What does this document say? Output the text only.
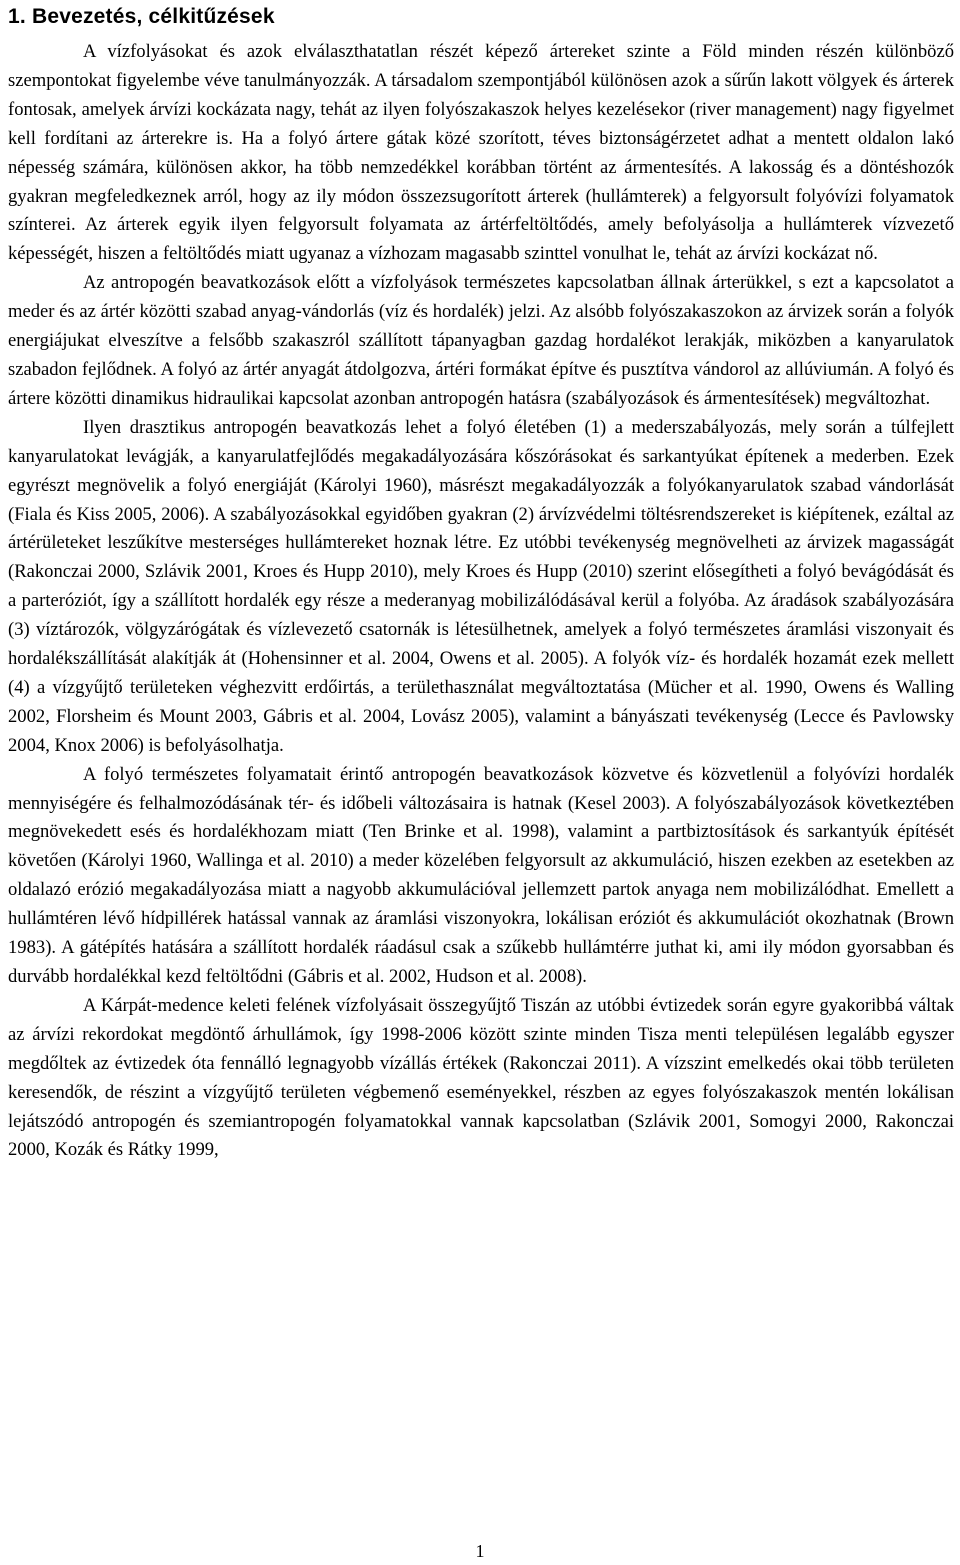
1. Bevezetés, célkitűzések

A vízfolyásokat és azok elválaszthatatlan részét képező ártereket szinte a Föld minden részén különböző szempontokat figyelembe véve tanulmányozzák. A társadalom szempontjából különösen azok a sűrűn lakott völgyek és árterek fontosak, amelyek árvízi kockázata nagy, tehát az ilyen folyószakaszok helyes kezelésekor (river management) nagy figyelmet kell fordítani az árterekre is. Ha a folyó ártere gátak közé szorított, téves biztonságérzetet adhat a mentett oldalon lakó népesség számára, különösen akkor, ha több nemzedékkel korábban történt az ármentesítés. A lakosság és a döntéshozók gyakran megfeledkeznek arról, hogy az ily módon összezsugorított árterek (hullámterek) a felgyorsult folyóvízi folyamatok színterei. Az árterek egyik ilyen felgyorsult folyamata az ártérfeltöltődés, amely befolyásolja a hullámterek vízvezető képességét, hiszen a feltöltődés miatt ugyanaz a vízhozam magasabb szinttel vonulhat le, tehát az árvízi kockázat nő.

Az antropogén beavatkozások előtt a vízfolyások természetes kapcsolatban állnak árterükkel, s ezt a kapcsolatot a meder és az ártér közötti szabad anyag-vándorlás (víz és hordalék) jelzi. Az alsóbb folyószakaszokon az árvizek során a folyók energiájukat elveszítve a felsőbb szakaszról szállított tápanyagban gazdag hordalékot lerakják, miközben a kanyarulatok szabadon fejlődnek. A folyó az ártér anyagát átdolgozva, ártéri formákat építve és pusztítva vándorol az allúviumán. A folyó és ártere közötti dinamikus hidraulikai kapcsolat azonban antropogén hatásra (szabályozások és ármentesítések) megváltozhat.

Ilyen drasztikus antropogén beavatkozás lehet a folyó életében (1) a mederszabályozás, mely során a túlfejlett kanyarulatokat levágják, a kanyarulatfejlődés megakadályozására kőszórásokat és sarkantyúkat építenek a mederben. Ezek egyrészt megnövelik a folyó energiáját (Károlyi 1960), másrészt megakadályozzák a folyókanyarulatok szabad vándorlását (Fiala és Kiss 2005, 2006). A szabályozásokkal egyidőben gyakran (2) árvízvédelmi töltésrendszereket is kiépítenek, ezáltal az ártérületeket leszűkítve mesterséges hullámtereket hoznak létre. Ez utóbbi tevékenység megnövelheti az árvizek magasságát (Rakonczai 2000, Szlávik 2001, Kroes és Hupp 2010), mely Kroes és Hupp (2010) szerint elősegítheti a folyó bevágódását és a parteróziót, így a szállított hordalék egy része a mederanyag mobilizálódásával kerül a folyóba. Az áradások szabályozására (3) víztározók, völgyzárógátak és vízlevezető csatornák is létesülhetnek, amelyek a folyó természetes áramlási viszonyait és hordalékszállítását alakítják át (Hohensinner et al. 2004, Owens et al. 2005). A folyók víz- és hordalék hozamát ezek mellett (4) a vízgyűjtő területeken véghezvitt erdőirtás, a területhasználat megváltoztatása (Mücher et al. 1990, Owens és Walling 2002, Florsheim és Mount 2003, Gábris et al. 2004, Lovász 2005), valamint a bányászati tevékenység (Lecce és Pavlowsky 2004, Knox 2006) is befolyásolhatja.

A folyó természetes folyamatait érintő antropogén beavatkozások közvetve és közvetlenül a folyóvízi hordalék mennyiségére és felhalmozódásának tér- és időbeli változásaira is hatnak (Kesel 2003). A folyószabályozások következtében megnövekedett esés és hordalékhozam miatt (Ten Brinke et al. 1998), valamint a partbiztosítások és sarkantyúk építését követően (Károlyi 1960, Wallinga et al. 2010) a meder közelében felgyorsult az akkumuláció, hiszen ezekben az esetekben az oldalazó erózió megakadályozása miatt a nagyobb akkumulációval jellemzett partok anyaga nem mobilizálódhat. Emellett a hullámtéren lévő hídpillérek hatással vannak az áramlási viszonyokra, lokálisan eróziót és akkumulációt okozhatnak (Brown 1983). A gátépítés hatására a szállított hordalék ráadásul csak a szűkebb hullámtérre juthat ki, ami ily módon gyorsabban és durvább hordalékkal kezd feltöltődni (Gábris et al. 2002, Hudson et al. 2008).

A Kárpát-medence keleti felének vízfolyásait összegyűjtő Tiszán az utóbbi évtizedek során egyre gyakoribbá váltak az árvízi rekordokat megdöntő árhullámok, így 1998-2006 között szinte minden Tisza menti településen legalább egyszer megdőltek az évtizedek óta fennálló legnagyobb vízállás értékek (Rakonczai 2011). A vízszint emelkedés okai több területen keresendők, de részint a vízgyűjtő területen végbemenő eseményekkel, részben az egyes folyószakaszok mentén lokálisan lejátszódó antropogén és szemiantropogén folyamatokkal vannak kapcsolatban (Szlávik 2001, Somogyi 2000, Rakonczai 2000, Kozák és Rátky 1999,

1
